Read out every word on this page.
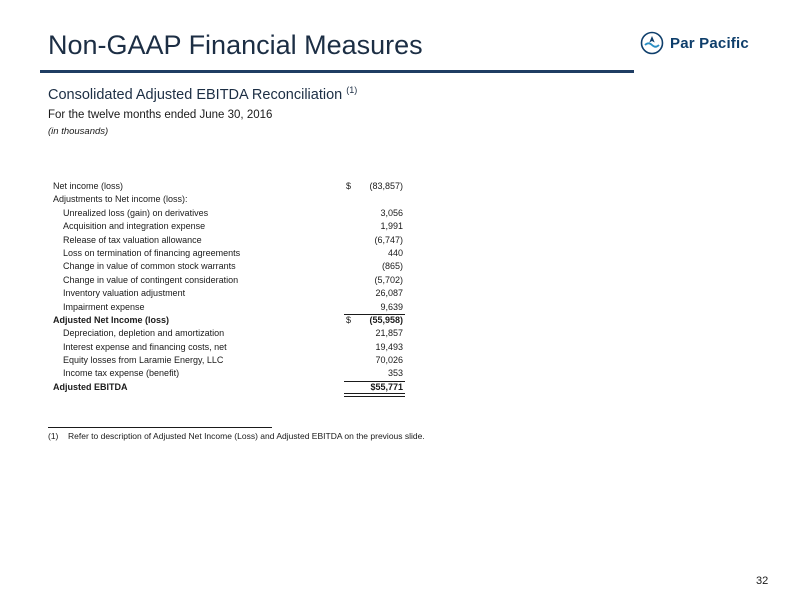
Non-GAAP Financial Measures	Par Pacific
Consolidated Adjusted EBITDA Reconciliation $^{(1)}$
For the twelve months ended June 30, 2016
(in thousands)
Net income (loss)	$ (83,857)
Adjustments to Net income (loss):
Unrealized loss (gain) on derivatives	3,056
Acquisition and integration expense	1,991
Release of tax valuation allowance	(6,747)
Loss on termination of financing agreements	440
Change in value of common stock warrants	(865)
Change in value of contingent consideration	(5,702)
Inventory valuation adjustment	26,087
Impairment expense	9,639
Adjusted Net Income (loss)	$ (55,958)
Depreciation, depletion and amortization	21,857
Interest expense and financing costs, net	19,493
Equity losses from Laramie Energy, LLC	70,026
Income tax expense (benefit)	353
Adjusted EBITDA	$55,771
(1) Refer to description of Adjusted Net Income (Loss) and Adjusted EBITDA on the previous slide.
32
